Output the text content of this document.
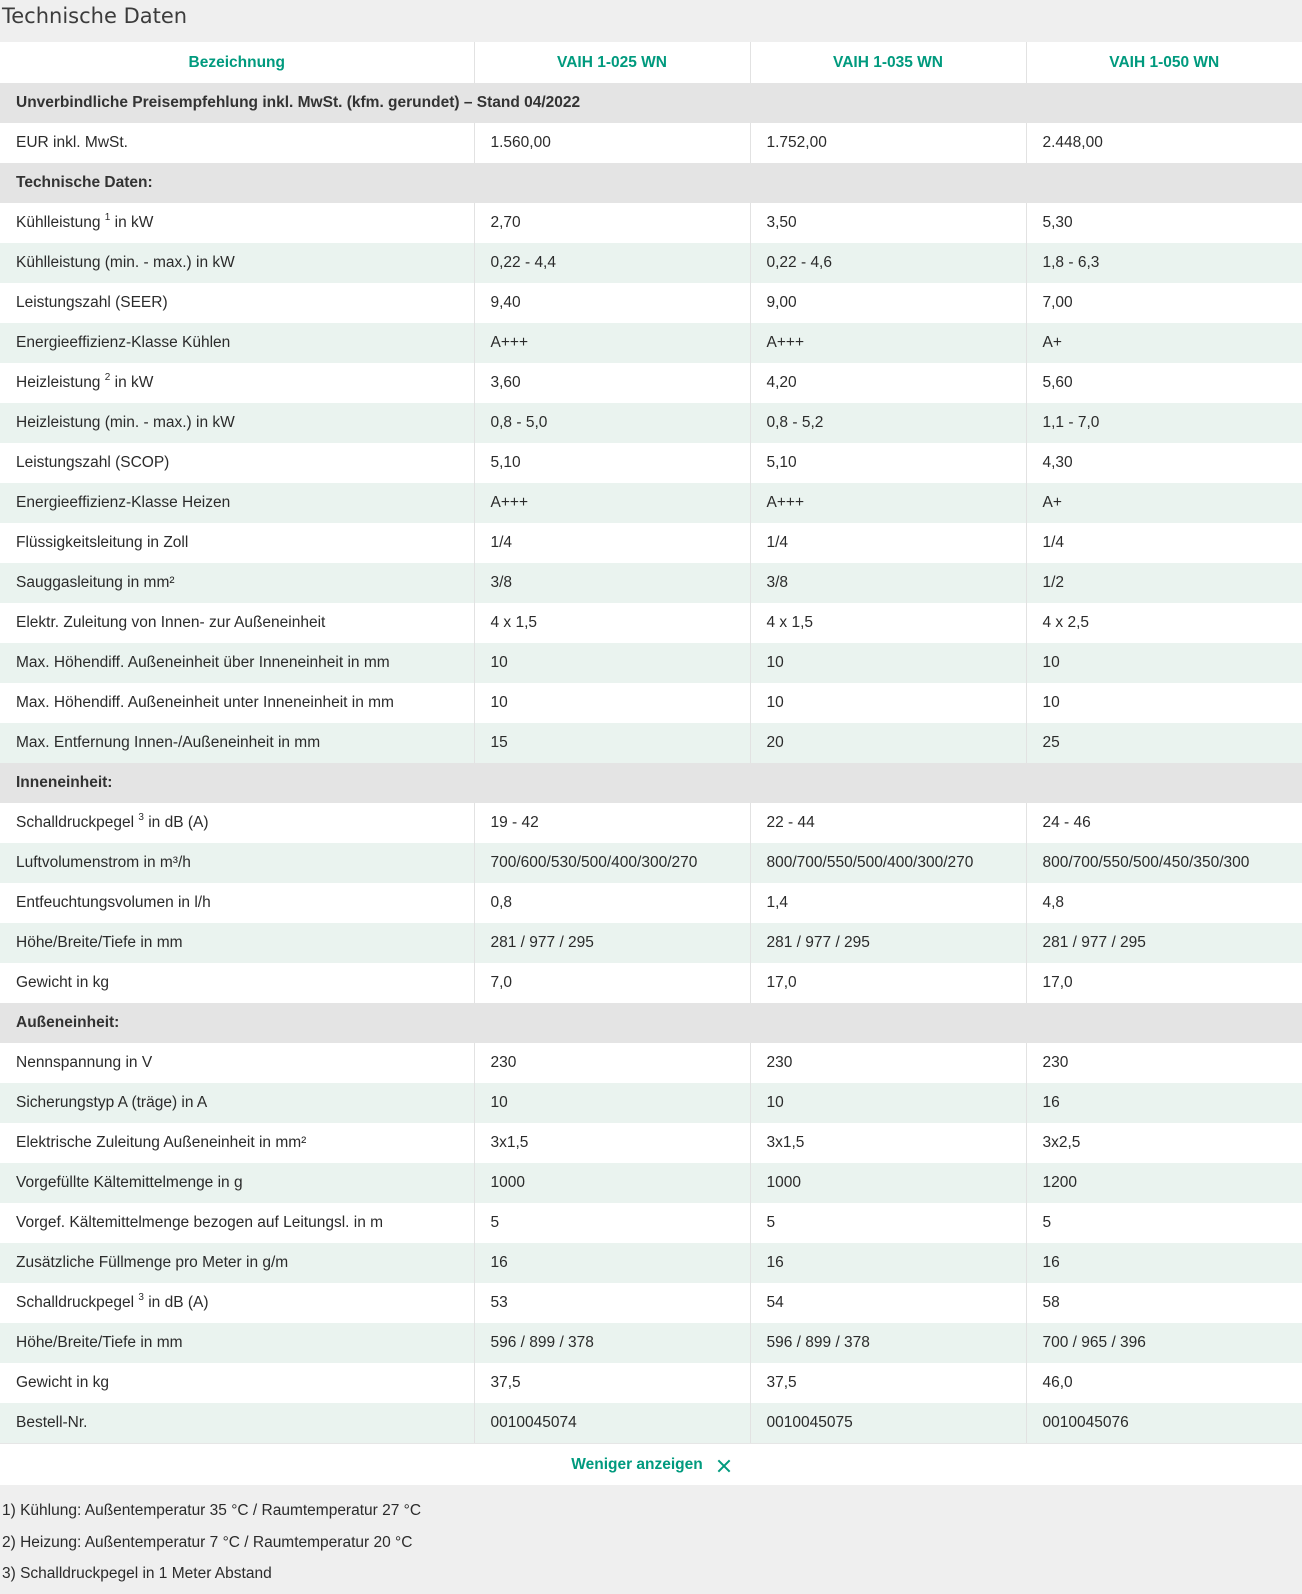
Technische Daten
Bezeichnung	VAIH 1-025 WN	VAIH 1-035 WN	VAIH 1-050 WN
Unverbindliche Preisempfehlung inkl. MwSt. (kfm. gerundet) – Stand 04/2022			
EUR inkl. MwSt.	1.560,00	1.752,00	2.448,00
Technische Daten:			
Kühlleistung $^1$ in kW	2,70	3,50	5,30
Kühlleistung (min. - max.) in kW	0,22 - 4,4	0,22 - 4,6	1,8 - 6,3
Leistungszahl (SEER)	9,40	9,00	7,00
Energieeffizienz-Klasse Kühlen	A+++	A+++	A+
Heizleistung $^2$ in kW	3,60	4,20	5,60
Heizleistung (min. - max.) in kW	0,8 - 5,0	0,8 - 5,2	1,1 - 7,0
Leistungszahl (SCOP)	5,10	5,10	4,30
Energieeffizienz-Klasse Heizen	A+++	A+++	A+
Flüssigkeitsleitung in Zoll	1/4	1/4	1/4
Sauggasleitung in mm²	3/8	3/8	1/2
Elektr. Zuleitung von Innen- zur Außeneinheit	4 x 1,5	4 x 1,5	4 x 2,5
Max. Höhendiff. Außeneinheit über Inneneinheit in mm	10	10	10
Max. Höhendiff. Außeneinheit unter Inneneinheit in mm	10	10	10
Max. Entfernung Innen-/Außeneinheit in mm	15	20	25
Inneneinheit:			
Schalldruckpegel $^3$ in dB (A)	19 - 42	22 - 44	24 - 46
Luftvolumenstrom in m³/h	700/600/530/500/400/300/270	800/700/550/500/400/300/270	800/700/550/500/450/350/300
Entfeuchtungsvolumen in l/h	0,8	1,4	4,8
Höhe/Breite/Tiefe in mm	281 / 977 / 295	281 / 977 / 295	281 / 977 / 295
Gewicht in kg	7,0	17,0	17,0
Außeneinheit:			
Nennspannung in V	230	230	230
Sicherungstyp A (träge) in A	10	10	16
Elektrische Zuleitung Außeneinheit in mm²	3x1,5	3x1,5	3x2,5
Vorgefüllte Kältemittelmenge in g	1000	1000	1200
Vorgef. Kältemittelmenge bezogen auf Leitungsl. in m	5	5	5
Zusätzliche Füllmenge pro Meter in g/m	16	16	16
Schalldruckpegel $^3$ in dB (A)	53	54	58
Höhe/Breite/Tiefe in mm	596 / 899 / 378	596 / 899 / 378	700 / 965 / 396
Gewicht in kg	37,5	37,5	46,0
Bestell-Nr.	0010045074	0010045075	0010045076
Weniger anzeigen
1) Kühlung: Außentemperatur 35 °C / Raumtemperatur 27 °C
2) Heizung: Außentemperatur 7 °C / Raumtemperatur 20 °C
3) Schalldruckpegel in 1 Meter Abstand
